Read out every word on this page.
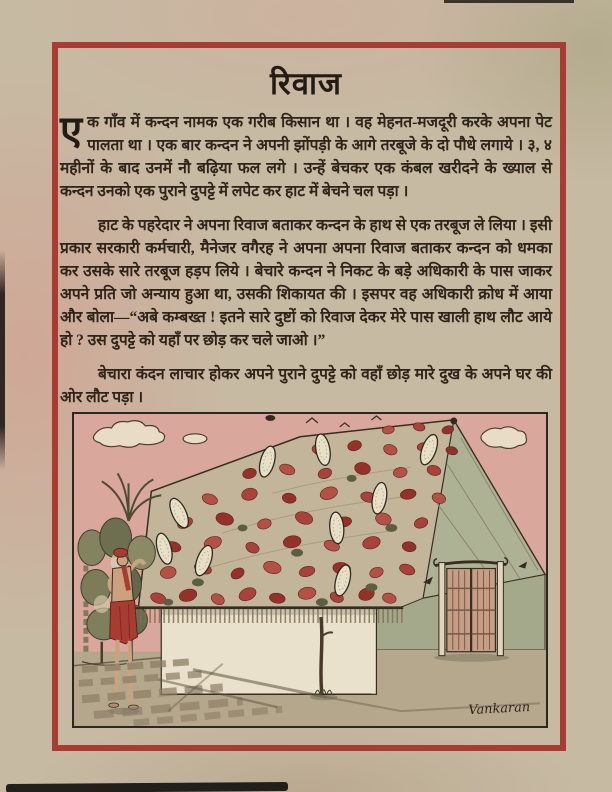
रिवाज

एक गाँव में कन्दन नामक एक गरीब किसान था । वह मेहनत-मजदूरी करके अपना पेट पालता था । एक बार कन्दन ने अपनी झोंपड़ी के आगे तरबूजे के दो पौधे लगाये । ३, ४ महीनों के बाद उनमें नौ बढ़िया फल लगे । उन्हें बेचकर एक कंबल खरीदने के ख्याल से कन्दन उनको एक पुराने दुपट्टे में लपेट कर हाट में बेचने चल पड़ा ।

हाट के पहरेदार ने अपना रिवाज बताकर कन्दन के हाथ से एक तरबूज ले लिया । इसी प्रकार सरकारी कर्मचारी, मैनेजर वगैरह ने अपना अपना रिवाज बताकर कन्दन को धमका कर उसके सारे तरबूज हड़प लिये । बेचारे कन्दन ने निकट के बड़े अधिकारी के पास जाकर अपने प्रति जो अन्याय हुआ था, उसकी शिकायत की । इसपर वह अधिकारी क्रोध में आया और बोला—“अबे कम्बख्त ! इतने सारे दुष्टों को रिवाज देकर मेरे पास खाली हाथ लौट आये हो ? उस दुपट्टे को यहाँ पर छोड़ कर चले जाओ ।”

बेचारा कंदन लाचार होकर अपने पुराने दुपट्टे को वहाँ छोड़ मारे दुख के अपने घर की ओर लौट पड़ा ।

Vankaran
